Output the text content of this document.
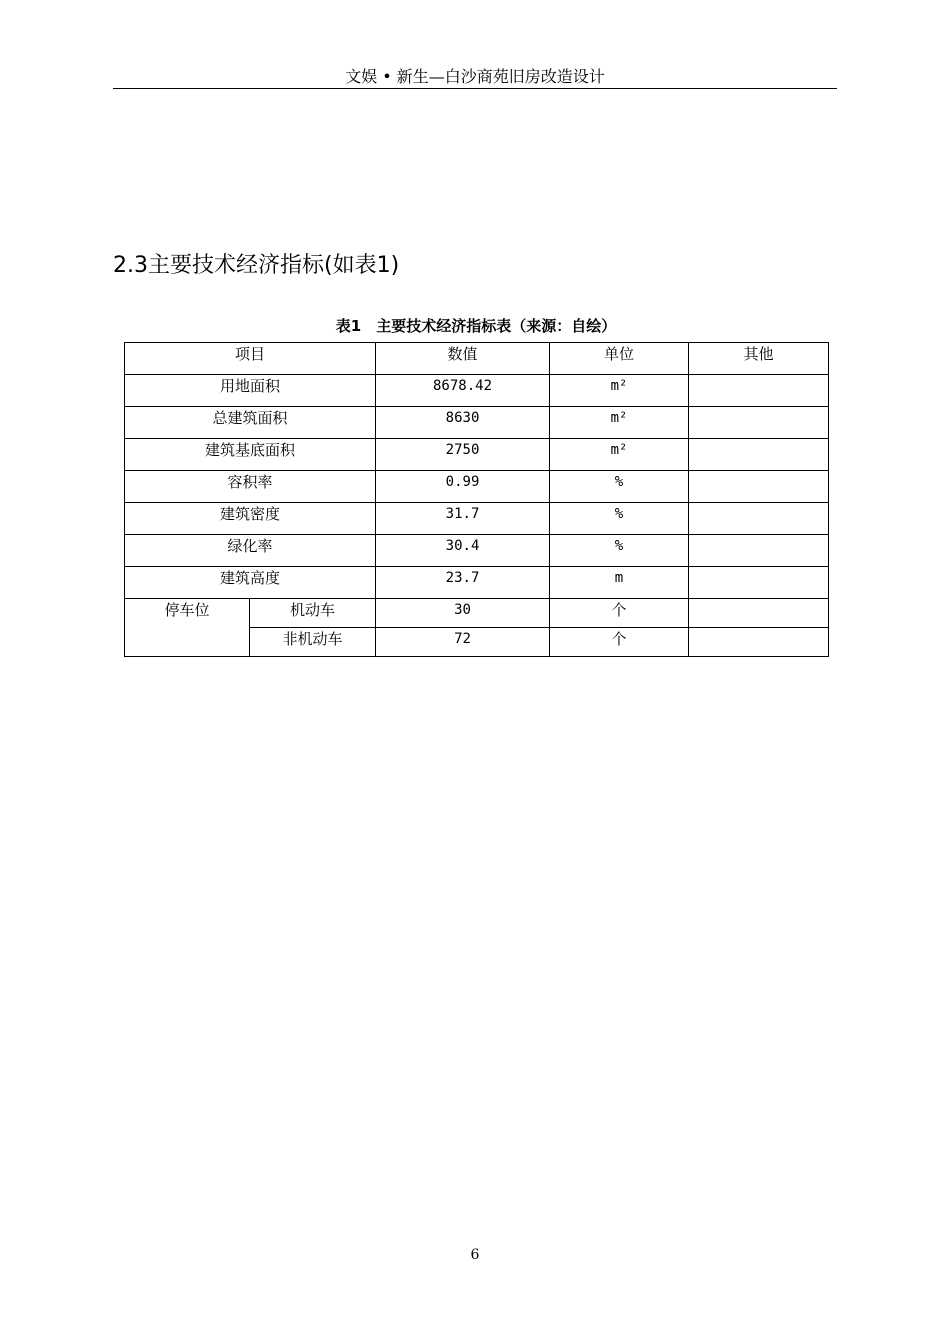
文娱 • 新生—白沙商苑旧房改造设计
2.3主要技术经济指标(如表1)
表1　主要技术经济指标表（来源：自绘）
项目		数值	单位	其他
用地面积		8678.42	m²	
总建筑面积		8630	m²	
建筑基底面积		2750	m²	
容积率		0.99	%	
建筑密度		31.7	%	
绿化率		30.4	%	
建筑高度		23.7	m	
停车位	机动车	30	个	
	非机动车	72	个	
6
